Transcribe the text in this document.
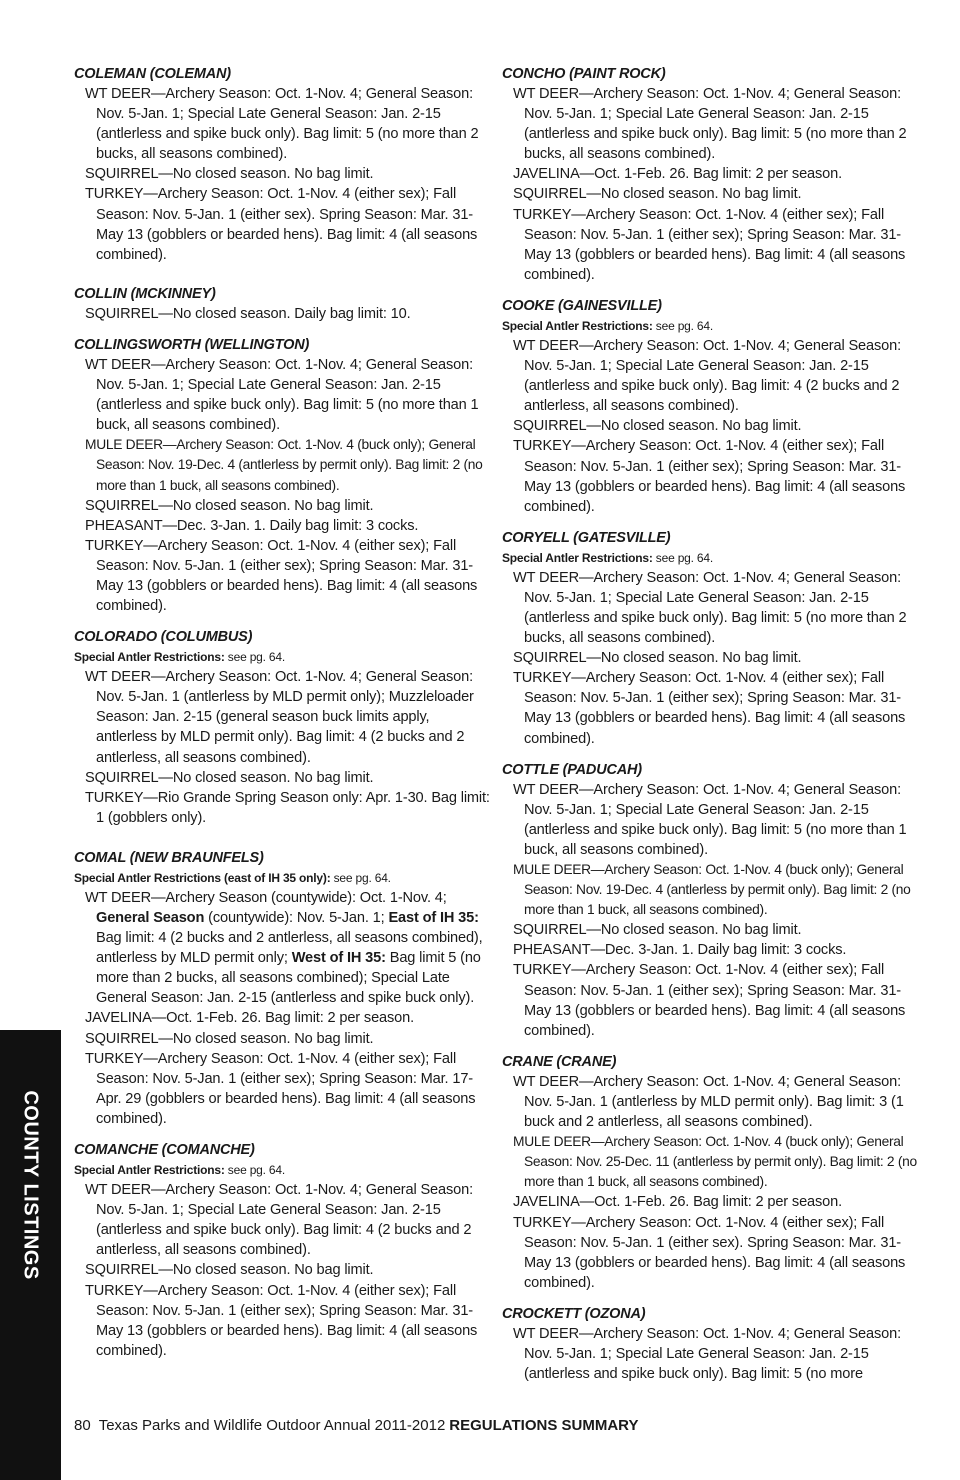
COUNTY LISTINGS
COLEMAN (COLEMAN)

WT DEER—Archery Season: Oct. 1-Nov. 4; General Season: Nov. 5-Jan. 1; Special Late General Season: Jan. 2-15 (antlerless and spike buck only). Bag limit: 5 (no more than 2 bucks, all seasons combined).

SQUIRREL—No closed season. No bag limit.

TURKEY—Archery Season: Oct. 1-Nov. 4 (either sex); Fall Season: Nov. 5-Jan. 1 (either sex). Spring Season: Mar. 31-May 13 (gobblers or bearded hens). Bag limit: 4 (all seasons combined).

COLLIN (MCKINNEY)

SQUIRREL—No closed season. Daily bag limit: 10.

COLLINGSWORTH (WELLINGTON)

WT DEER—Archery Season: Oct. 1-Nov. 4; General Season: Nov. 5-Jan. 1; Special Late General Season: Jan. 2-15 (antlerless and spike buck only). Bag limit: 5 (no more than 1 buck, all seasons combined).

MULE DEER—Archery Season: Oct. 1-Nov. 4 (buck only); General Season: Nov. 19-Dec. 4 (antlerless by permit only). Bag limit: 2 (no more than 1 buck, all seasons combined).

SQUIRREL—No closed season. No bag limit.

PHEASANT—Dec. 3-Jan. 1. Daily bag limit: 3 cocks.

TURKEY—Archery Season: Oct. 1-Nov. 4 (either sex); Fall Season: Nov. 5-Jan. 1 (either sex); Spring Season: Mar. 31-May 13 (gobblers or bearded hens). Bag limit: 4 (all seasons combined).

COLORADO (COLUMBUS)
Special Antler Restrictions: see pg. 64.

WT DEER—Archery Season: Oct. 1-Nov. 4; General Season: Nov. 5-Jan. 1 (antlerless by MLD permit only); Muzzleloader Season: Jan. 2-15 (general season buck limits apply, antlerless by MLD permit only). Bag limit: 4 (2 bucks and 2 antlerless, all seasons combined).

SQUIRREL—No closed season. No bag limit.

TURKEY—Rio Grande Spring Season only: Apr. 1-30. Bag limit: 1 (gobblers only).

COMAL (NEW BRAUNFELS)
Special Antler Restrictions (east of IH 35 only): see pg. 64.

WT DEER—Archery Season (countywide): Oct. 1-Nov. 4; General Season (countywide): Nov. 5-Jan. 1; East of IH 35: Bag limit: 4 (2 bucks and 2 antlerless, all seasons combined), antlerless by MLD permit only; West of IH 35: Bag limit 5 (no more than 2 bucks, all seasons combined); Special Late General Season: Jan. 2-15 (antlerless and spike buck only).

JAVELINA—Oct. 1-Feb. 26. Bag limit: 2 per season.

SQUIRREL—No closed season. No bag limit.

TURKEY—Archery Season: Oct. 1-Nov. 4 (either sex); Fall Season: Nov. 5-Jan. 1 (either sex); Spring Season: Mar. 17-Apr. 29 (gobblers or bearded hens). Bag limit: 4 (all seasons combined).

COMANCHE (COMANCHE)
Special Antler Restrictions: see pg. 64.

WT DEER—Archery Season: Oct. 1-Nov. 4; General Season: Nov. 5-Jan. 1; Special Late General Season: Jan. 2-15 (antlerless and spike buck only). Bag limit: 4 (2 bucks and 2 antlerless, all seasons combined).

SQUIRREL—No closed season. No bag limit.

TURKEY—Archery Season: Oct. 1-Nov. 4 (either sex); Fall Season: Nov. 5-Jan. 1 (either sex); Spring Season: Mar. 31-May 13 (gobblers or bearded hens). Bag limit: 4 (all seasons combined).

CONCHO (PAINT ROCK)

WT DEER—Archery Season: Oct. 1-Nov. 4; General Season: Nov. 5-Jan. 1; Special Late General Season: Jan. 2-15 (antlerless and spike buck only). Bag limit: 5 (no more than 2 bucks, all seasons combined).

JAVELINA—Oct. 1-Feb. 26. Bag limit: 2 per season.

SQUIRREL—No closed season. No bag limit.

TURKEY—Archery Season: Oct. 1-Nov. 4 (either sex); Fall Season: Nov. 5-Jan. 1 (either sex); Spring Season: Mar. 31-May 13 (gobblers or bearded hens). Bag limit: 4 (all seasons combined).

COOKE (GAINESVILLE)
Special Antler Restrictions: see pg. 64.

WT DEER—Archery Season: Oct. 1-Nov. 4; General Season: Nov. 5-Jan. 1; Special Late General Season: Jan. 2-15 (antlerless and spike buck only). Bag limit: 4 (2 bucks and 2 antlerless, all seasons combined).

SQUIRREL—No closed season. No bag limit.

TURKEY—Archery Season: Oct. 1-Nov. 4 (either sex); Fall Season: Nov. 5-Jan. 1 (either sex); Spring Season: Mar. 31-May 13 (gobblers or bearded hens). Bag limit: 4 (all seasons combined).

CORYELL (GATESVILLE)
Special Antler Restrictions: see pg. 64.

WT DEER—Archery Season: Oct. 1-Nov. 4; General Season: Nov. 5-Jan. 1; Special Late General Season: Jan. 2-15 (antlerless and spike buck only). Bag limit: 5 (no more than 2 bucks, all seasons combined).

SQUIRREL—No closed season. No bag limit.

TURKEY—Archery Season: Oct. 1-Nov. 4 (either sex); Fall Season: Nov. 5-Jan. 1 (either sex); Spring Season: Mar. 31-May 13 (gobblers or bearded hens). Bag limit: 4 (all seasons combined).

COTTLE (PADUCAH)

WT DEER—Archery Season: Oct. 1-Nov. 4; General Season: Nov. 5-Jan. 1; Special Late General Season: Jan. 2-15 (antlerless and spike buck only). Bag limit: 5 (no more than 1 buck, all seasons combined).

MULE DEER—Archery Season: Oct. 1-Nov. 4 (buck only); General Season: Nov. 19-Dec. 4 (antlerless by permit only). Bag limit: 2 (no more than 1 buck, all seasons combined).

SQUIRREL—No closed season. No bag limit.

PHEASANT—Dec. 3-Jan. 1. Daily bag limit: 3 cocks.

TURKEY—Archery Season: Oct. 1-Nov. 4 (either sex); Fall Season: Nov. 5-Jan. 1 (either sex); Spring Season: Mar. 31-May 13 (gobblers or bearded hens). Bag limit: 4 (all seasons combined).

CRANE (CRANE)

WT DEER—Archery Season: Oct. 1-Nov. 4; General Season: Nov. 5-Jan. 1 (antlerless by MLD permit only). Bag limit: 3 (1 buck and 2 antlerless, all seasons combined).

MULE DEER—Archery Season: Oct. 1-Nov. 4 (buck only); General Season: Nov. 25-Dec. 11 (antlerless by permit only). Bag limit: 2 (no more than 1 buck, all seasons combined).

JAVELINA—Oct. 1-Feb. 26. Bag limit: 2 per season.

TURKEY—Archery Season: Oct. 1-Nov. 4 (either sex); Fall Season: Nov. 5-Jan. 1 (either sex). Spring Season: Mar. 31-May 13 (gobblers or bearded hens). Bag limit: 4 (all seasons combined).

CROCKETT (OZONA)

WT DEER—Archery Season: Oct. 1-Nov. 4; General Season: Nov. 5-Jan. 1; Special Late General Season: Jan. 2-15 (antlerless and spike buck only). Bag limit: 5 (no more

80 Texas Parks and Wildlife Outdoor Annual 2011-2012 REGULATIONS SUMMARY
